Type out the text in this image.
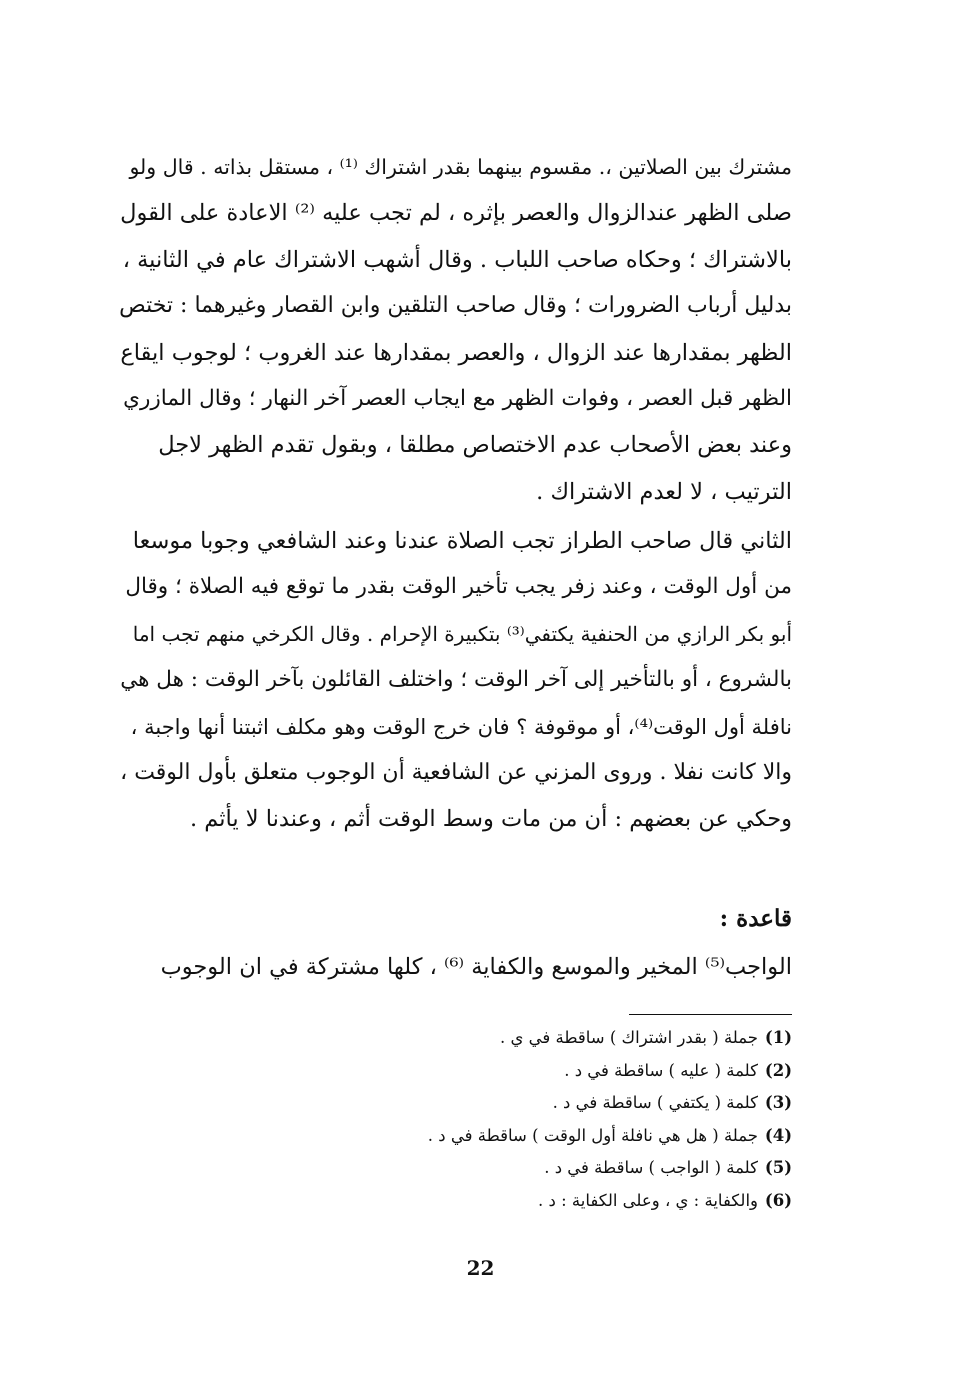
مشترك بين الصلاتين ،. مقسوم بينهما بقدر اشتراك ⁽¹⁾ ، مستقل بذاته . قال ولو
صلى الظهر عندالزوال والعصر بإثره ، لم تجب عليه ⁽²⁾ الاعادة على القول
بالاشتراك ؛ وحكاه صاحب اللباب . وقال أشهب الاشتراك عام في الثانية ،
بدليل أرباب الضرورات ؛ وقال صاحب التلقين وابن القصار وغيرهما : تختص
الظهر بمقدارها عند الزوال ، والعصر بمقدارها عند الغروب ؛ لوجوب ايقاع
الظهر قبل العصر ، وفوات الظهر مع ايجاب العصر آخر النهار ؛ وقال المازري
وعند بعض الأصحاب عدم الاختصاص مطلقا ، وبقول تقدم الظهر لاجل
الترتيب ، لا لعدم الاشتراك .
الثاني قال صاحب الطراز تجب الصلاة عندنا وعند الشافعي وجوبا موسعا
من أول الوقت ، وعند زفر يجب تأخير الوقت بقدر ما توقع فيه الصلاة ؛ وقال
أبو بكر الرازي من الحنفية يكتفي⁽³⁾ بتكبيرة الإحرام . وقال الكرخي منهم تجب اما
بالشروع ، أو بالتأخير إلى آخر الوقت ؛ واختلف القائلون بآخر الوقت : هل هي
نافلة أول الوقت⁽⁴⁾، أو موقوفة ؟ فان خرج الوقت وهو مكلف اثبتنا أنها واجبة ،
والا كانت نفلا . وروى المزني عن الشافعية أن الوجوب متعلق بأول الوقت ،
وحكي عن بعضهم : أن من مات وسط الوقت أثم ، وعندنا لا يأثم .
قاعدة :
الواجب⁽⁵⁾ المخير والموسع والكفاية ⁽⁶⁾ ، كلها مشتركة في ان الوجوب
(1)جملة ( بقدر اشتراك ) ساقطة في ي .
(2)كلمة ( عليه ) ساقطة في د .
(3)كلمة ( يكتفي ) ساقطة في د .
(4)جملة ( هل هي نافلة أول الوقت ) ساقطة في د .
(5)كلمة ( الواجب ) ساقطة في د .
(6)والكفاية : ي ، وعلى الكفاية : د .
22
